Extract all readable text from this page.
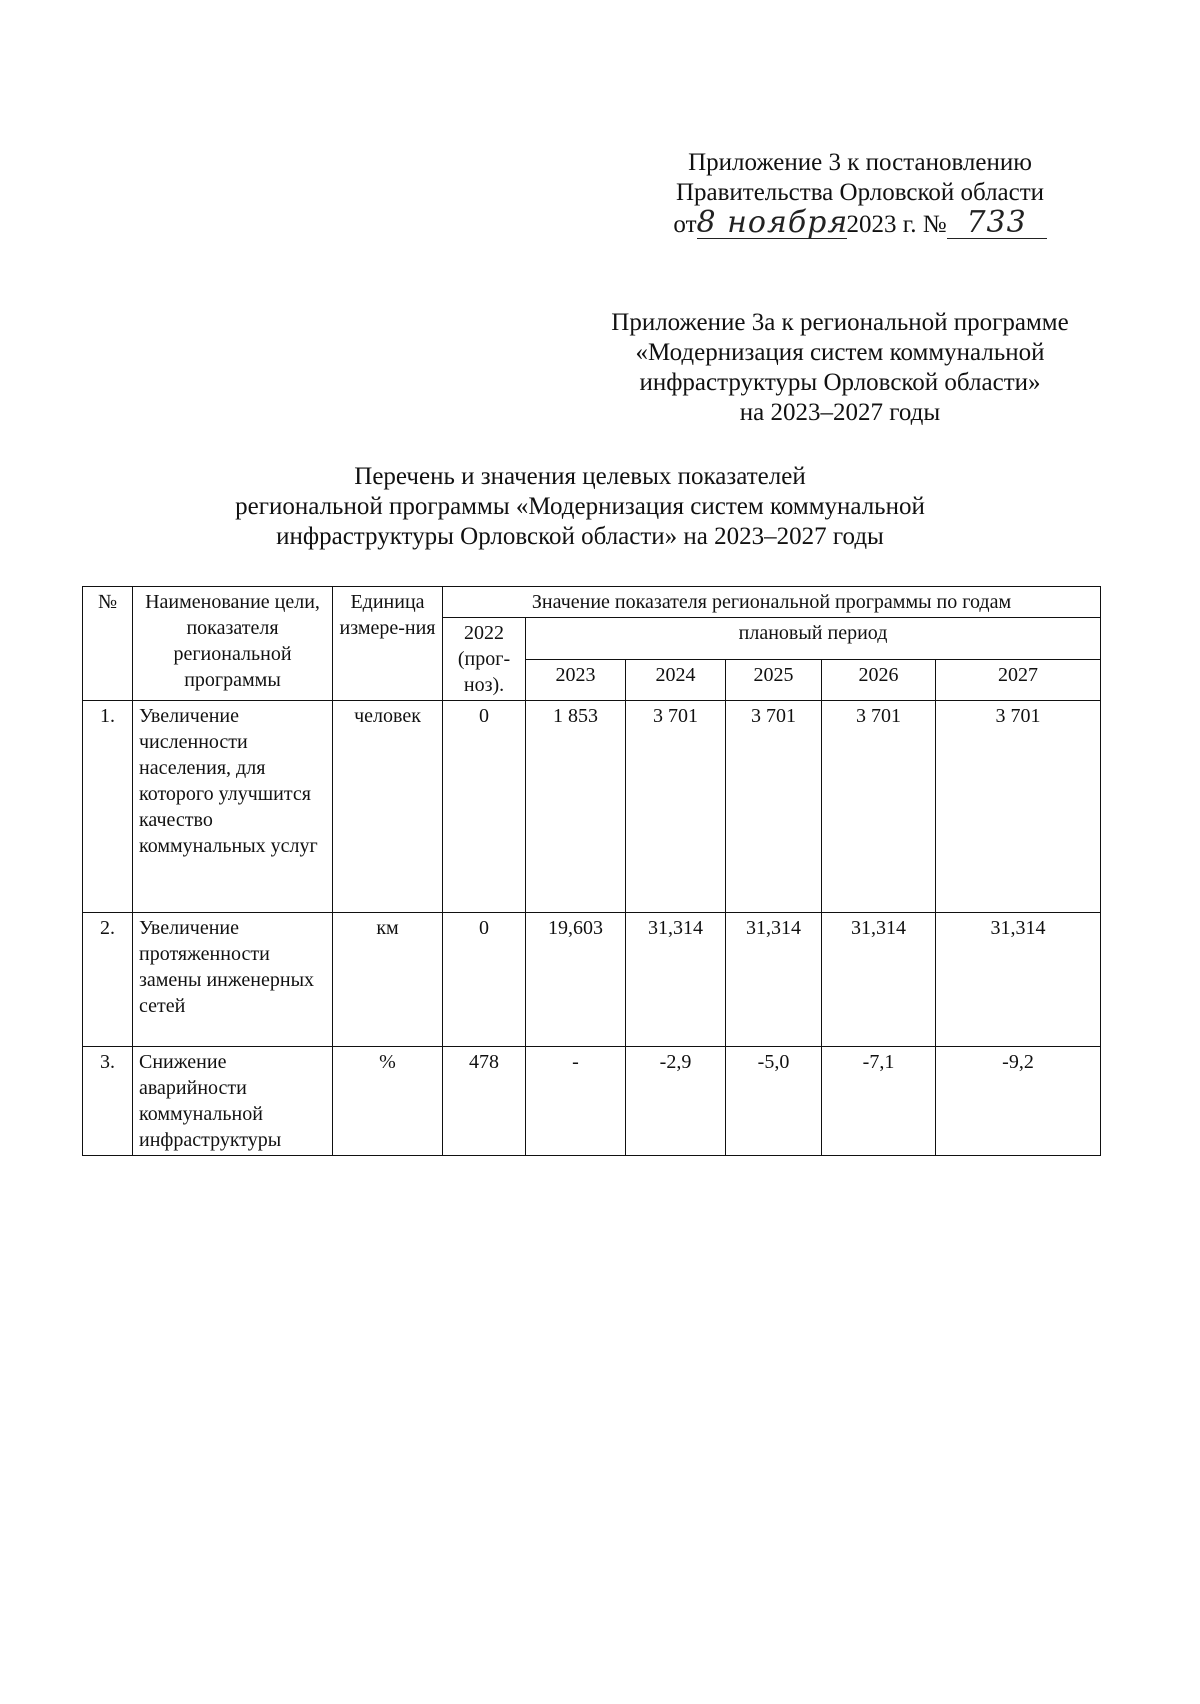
Приложение 3 к постановлению
Правительства Орловской области
от8 ноября2023 г. № 733
Приложение 3а к региональной программе
«Модернизация систем коммунальной
инфраструктуры Орловской области»
на 2023–2027 годы
Перечень и значения целевых показателей
региональной программы «Модернизация систем коммунальной
инфраструктуры Орловской области» на 2023–2027 годы
№	Наименование цели, показателя региональной программы	Единица измере-ния	Значение показателя региональной программы по годам					
			2022 (прог-ноз).	плановый период				
				2023	2024	2025	2026	2027
1.	Увеличение численности населения, для которого улучшится качество коммунальных услуг	человек	0	1 853	3 701	3 701	3 701	3 701
2.	Увеличение протяженности замены инженерных сетей	км	0	19,603	31,314	31,314	31,314	31,314
3.	Снижение аварийности коммунальной инфраструктуры	%	478	-	-2,9	-5,0	-7,1	-9,2
